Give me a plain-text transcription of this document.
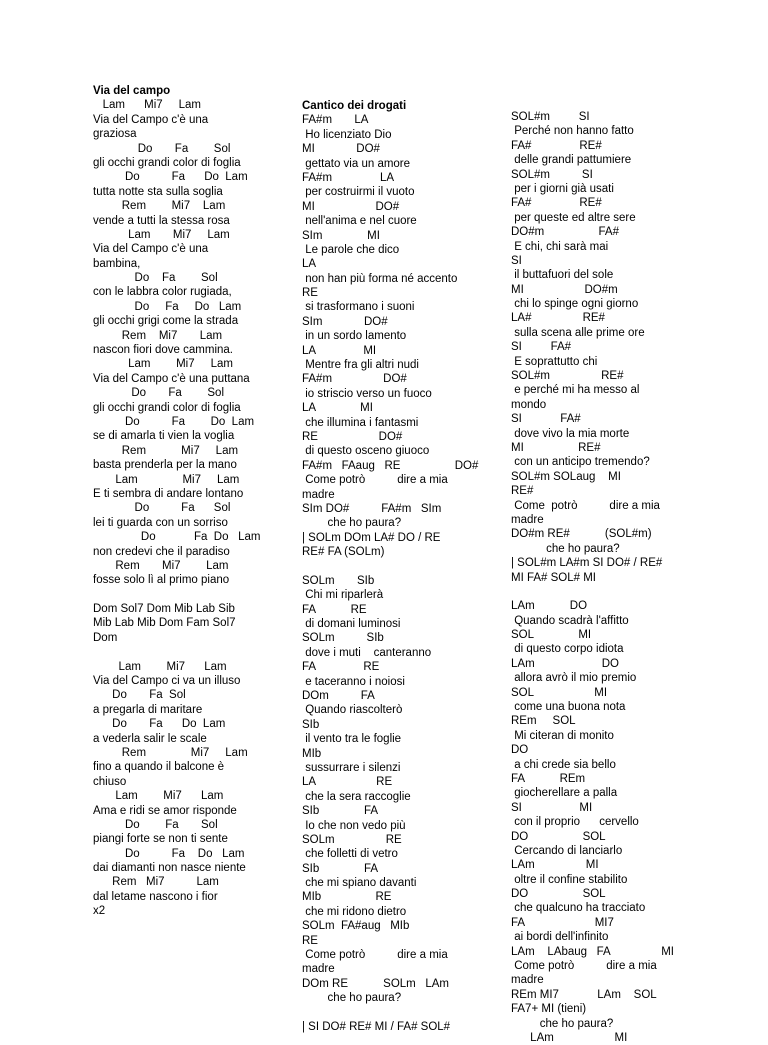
Via del campo
Lam      Mi7     Lam
Via del Campo c'è una
graziosa
Do       Fa        Sol
gli occhi grandi color di foglia
Do          Fa      Do  Lam
tutta notte sta sulla soglia
Rem        Mi7    Lam
vende a tutti la stessa rosa
Lam       Mi7     Lam
Via del Campo c'è una
bambina,
Do    Fa        Sol
con le labbra color rugiada,
Do     Fa     Do   Lam
gli occhi grigi come la strada
Rem    Mi7       Lam
nascon fiori dove cammina.
Lam        Mi7     Lam
Via del Campo c'è una puttana
Do       Fa        Sol
gli occhi grandi color di foglia
Do          Fa        Do  Lam
se di amarla ti vien la voglia
Rem           Mi7     Lam
basta prenderla per la mano
Lam              Mi7     Lam
E ti sembra di andare lontano
Do          Fa      Sol
lei ti guarda con un sorriso
Do            Fa  Do   Lam
non credevi che il paradiso
Rem       Mi7        Lam
fosse solo lì al primo piano
Dom Sol7 Dom Mib Lab Sib
Mib Lab Mib Dom Fam Sol7
Dom
Lam        Mi7      Lam
Via del Campo ci va un illuso
Do       Fa  Sol
a pregarla di maritare
Do       Fa      Do  Lam
a vederla salir le scale
Rem              Mi7     Lam
fino a quando il balcone è
chiuso
Lam        Mi7      Lam
Ama e ridi se amor risponde
Do        Fa       Sol
piangi forte se non ti sente
Do          Fa    Do   Lam
dai diamanti non nasce niente
Rem   Mi7          Lam
dal letame nascono i fior
x2
Cantico dei drogati
FA#m       LA
Ho licenziato Dio
MI             DO#
gettato via un amore
FA#m               LA
per costruirmi il vuoto
MI                   DO#
nell'anima e nel cuore
SIm              MI
Le parole che dico
LA
non han più forma né accento
RE
si trasformano i suoni
SIm             DO#
in un sordo lamento
LA               MI
Mentre fra gli altri nudi
FA#m                DO#
io striscio verso un fuoco
LA              MI
che illumina i fantasmi
RE                   DO#
di questo osceno giuoco
FA#m   FAaug   RE                 DO#
Come potrò          dire a mia
madre
SIm DO#          FA#m   SIm
che ho paura?
| SOLm DOm LA# DO / RE
RE# FA (SOLm)
SOLm       SIb
Chi mi riparlerà
FA           RE
di domani luminosi
SOLm          SIb
dove i muti    canteranno
FA               RE
e taceranno i noiosi
DOm          FA
Quando riascolterò
SIb
il vento tra le foglie
MIb
sussurrare i silenzi
LA                   RE
che la sera raccoglie
SIb              FA
Io che non vedo più
SOLm                RE
che folletti di vetro
SIb              FA
che mi spiano davanti
MIb                 RE
che mi ridono dietro
SOLm  FA#aug   MIb
RE
Come potrò          dire a mia
madre
DOm RE           SOLm   LAm
che ho paura?
| SI DO# RE# MI / FA# SOL#
SOL#m         SI
Perché non hanno fatto
FA#               RE#
delle grandi pattumiere
SOL#m          SI
per i giorni già usati
FA#               RE#
per queste ed altre sere
DO#m                 FA#
E chi, chi sarà mai
SI
il buttafuori del sole
MI                   DO#m
chi lo spinge ogni giorno
LA#                RE#
sulla scena alle prime ore
SI         FA#
E soprattutto chi
SOL#m                RE#
e perché mi ha messo al
mondo
SI            FA#
dove vivo la mia morte
MI                 RE#
con un anticipo tremendo?
SOL#m SOLaug    MI
RE#
Come  potrò          dire a mia
madre
DO#m RE#           (SOL#m)
che ho paura?
| SOL#m LA#m SI DO# / RE#
MI FA# SOL# MI
LAm           DO
Quando scadrà l'affitto
SOL              MI
di questo corpo idiota
LAm                     DO
allora avrò il mio premio
SOL                   MI
come una buona nota
REm     SOL
Mi citeran di monito
DO
a chi crede sia bello
FA           REm
giocherellare a palla
SI                  MI
con il proprio      cervello
DO                 SOL
Cercando di lanciarlo
LAm                MI
oltre il confine stabilito
DO                 SOL
che qualcuno ha tracciato
FA                      MI7
ai bordi dell'infinito
LAm    LAbaug   FA                MI
Come potrò          dire a mia
madre
REm MI7            LAm    SOL
FA7+ MI (tieni)
che ho paura?
LAm                   MI
